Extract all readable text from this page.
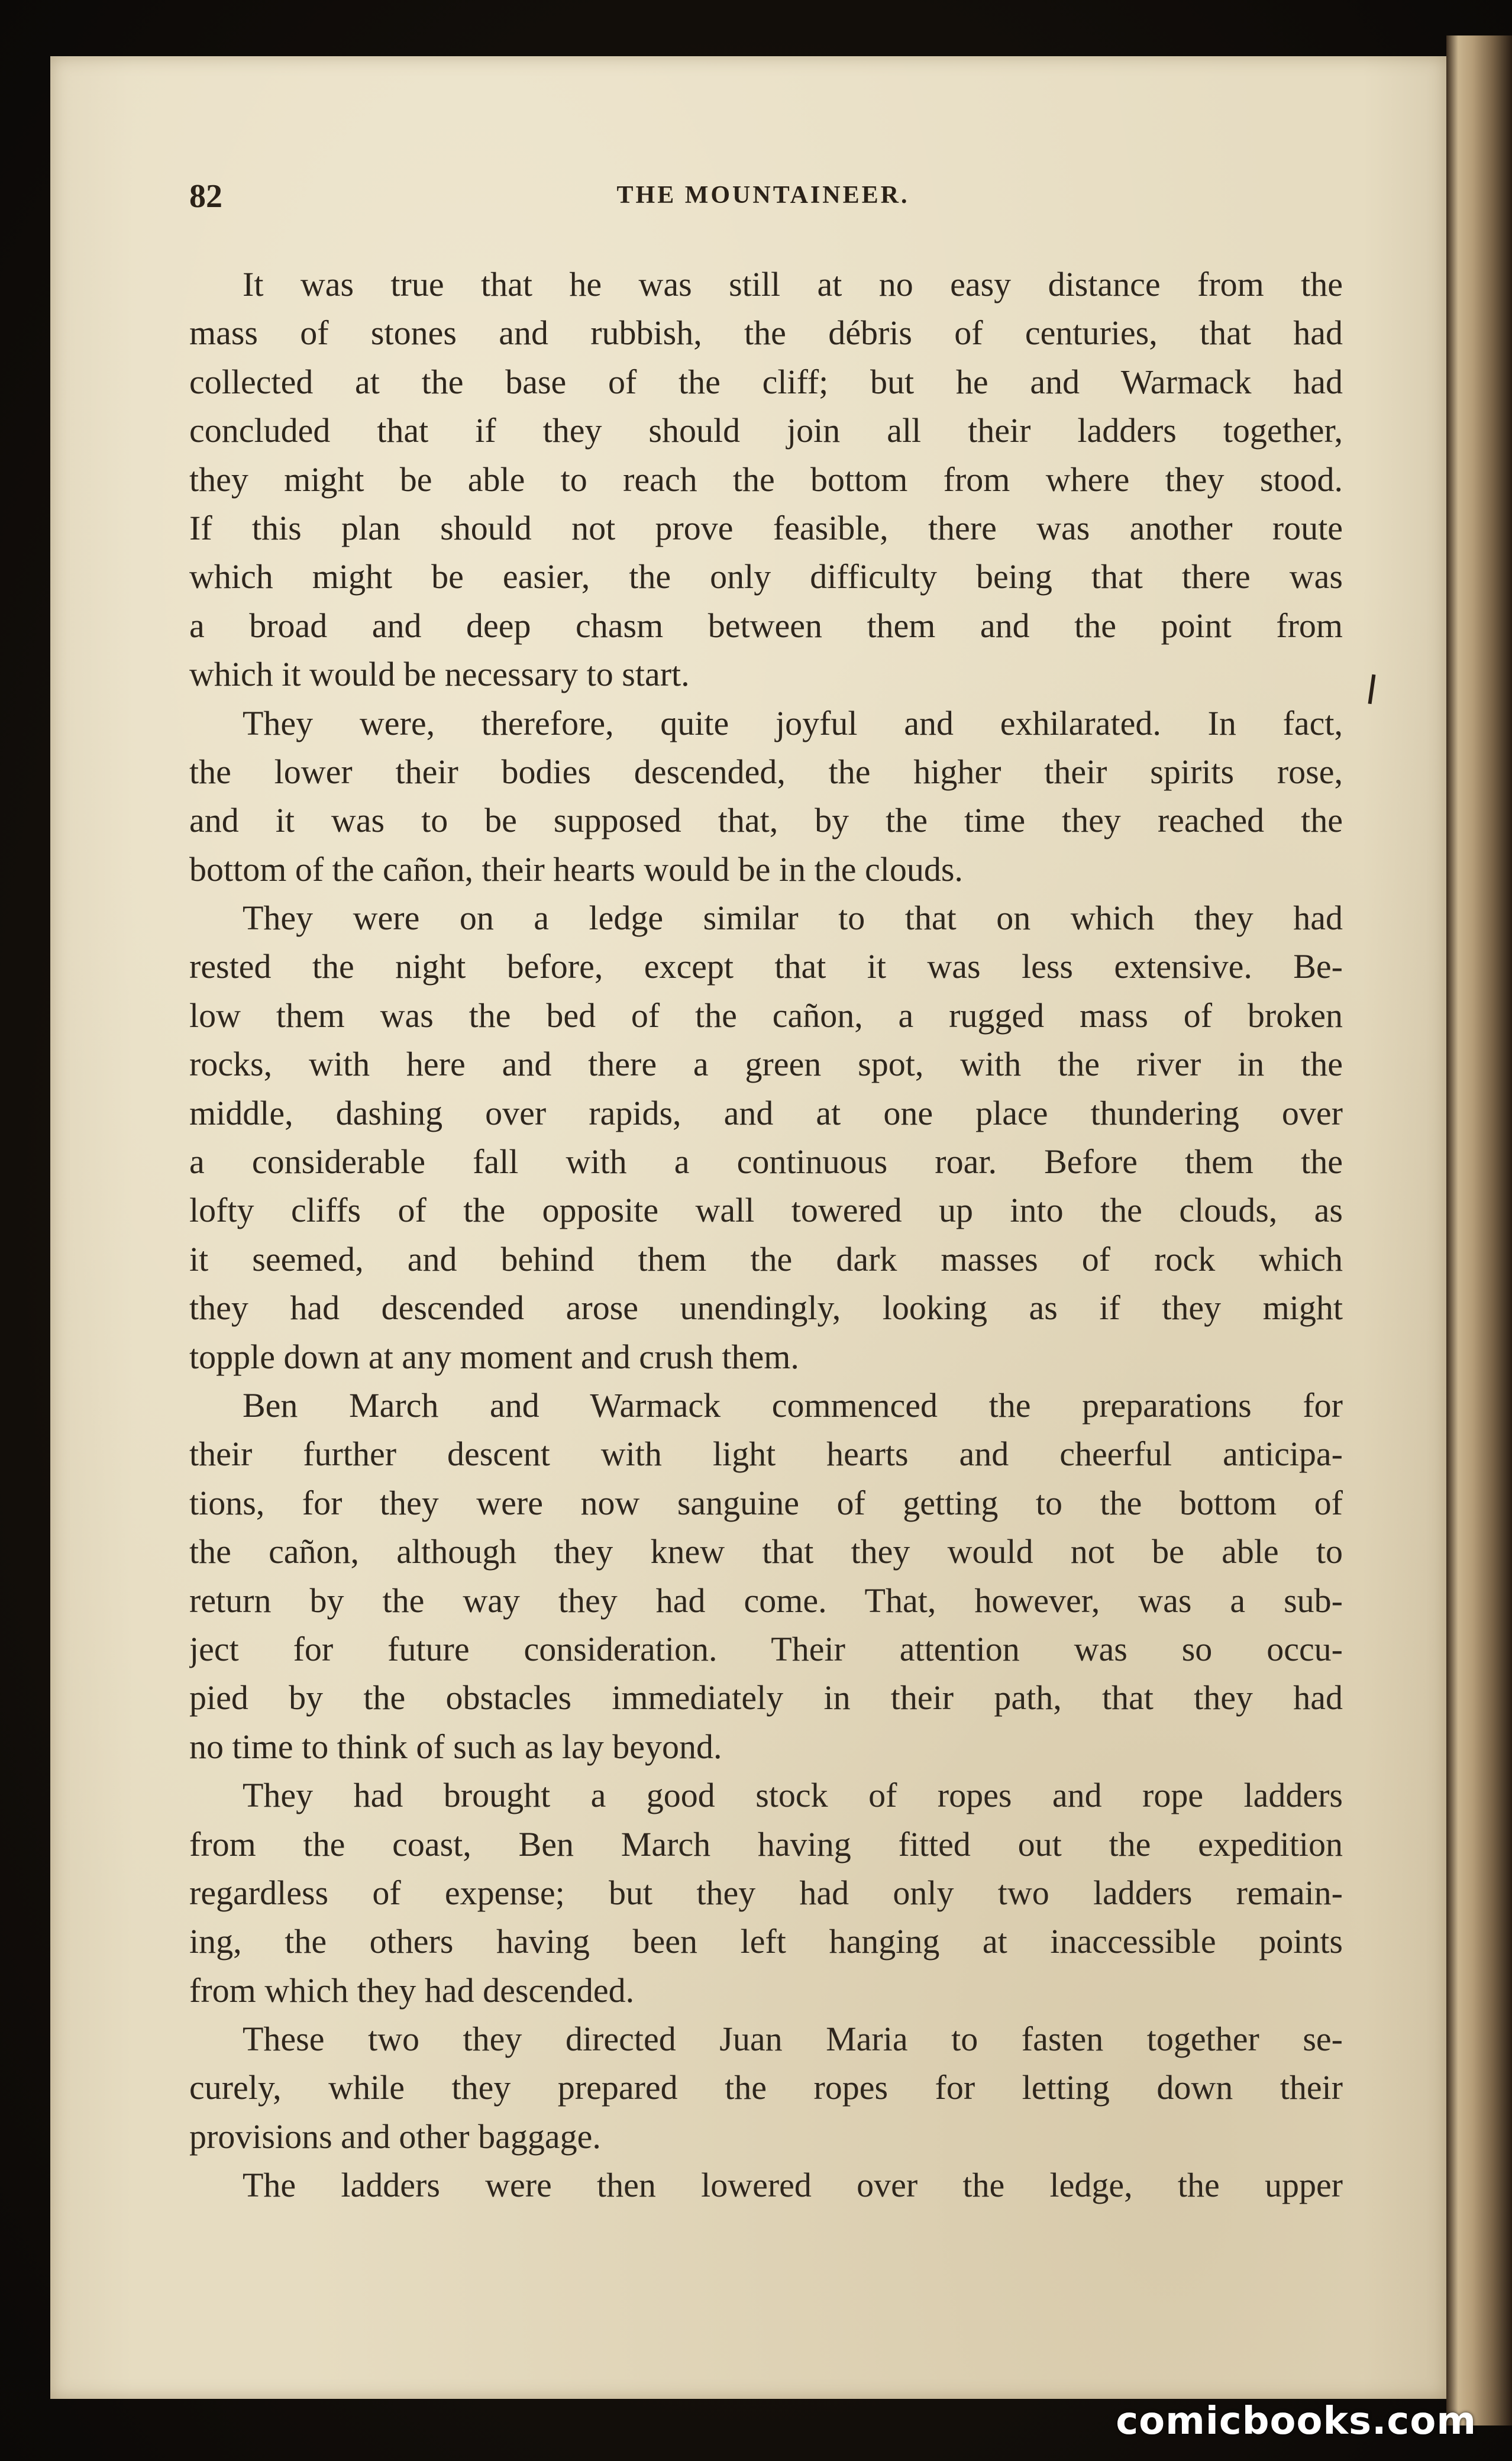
82	THE MOUNTAINEER.
It was true that he was still at no easy distance from the
mass of stones and rubbish, the débris of centuries, that had
collected at the base of the cliff; but he and Warmack had
concluded that if they should join all their ladders together,
they might be able to reach the bottom from where they stood.
If this plan should not prove feasible, there was another route
which might be easier, the only difficulty being that there was
a broad and deep chasm between them and the point from
which it would be necessary to start.
They were, therefore, quite joyful and exhilarated. In fact,
the lower their bodies descended, the higher their spirits rose,
and it was to be supposed that, by the time they reached the
bottom of the cañon, their hearts would be in the clouds.
They were on a ledge similar to that on which they had
rested the night before, except that it was less extensive. Be-
low them was the bed of the cañon, a rugged mass of broken
rocks, with here and there a green spot, with the river in the
middle, dashing over rapids, and at one place thundering over
a considerable fall with a continuous roar. Before them the
lofty cliffs of the opposite wall towered up into the clouds, as
it seemed, and behind them the dark masses of rock which
they had descended arose unendingly, looking as if they might
topple down at any moment and crush them.
Ben March and Warmack commenced the preparations for
their further descent with light hearts and cheerful anticipa-
tions, for they were now sanguine of getting to the bottom of
the cañon, although they knew that they would not be able to
return by the way they had come. That, however, was a sub-
ject for future consideration. Their attention was so occu-
pied by the obstacles immediately in their path, that they had
no time to think of such as lay beyond.
They had brought a good stock of ropes and rope ladders
from the coast, Ben March having fitted out the expedition
regardless of expense; but they had only two ladders remain-
ing, the others having been left hanging at inaccessible points
from which they had descended.
These two they directed Juan Maria to fasten together se-
curely, while they prepared the ropes for letting down their
provisions and other baggage.
The ladders were then lowered over the ledge, the upper
comicbooks.com
